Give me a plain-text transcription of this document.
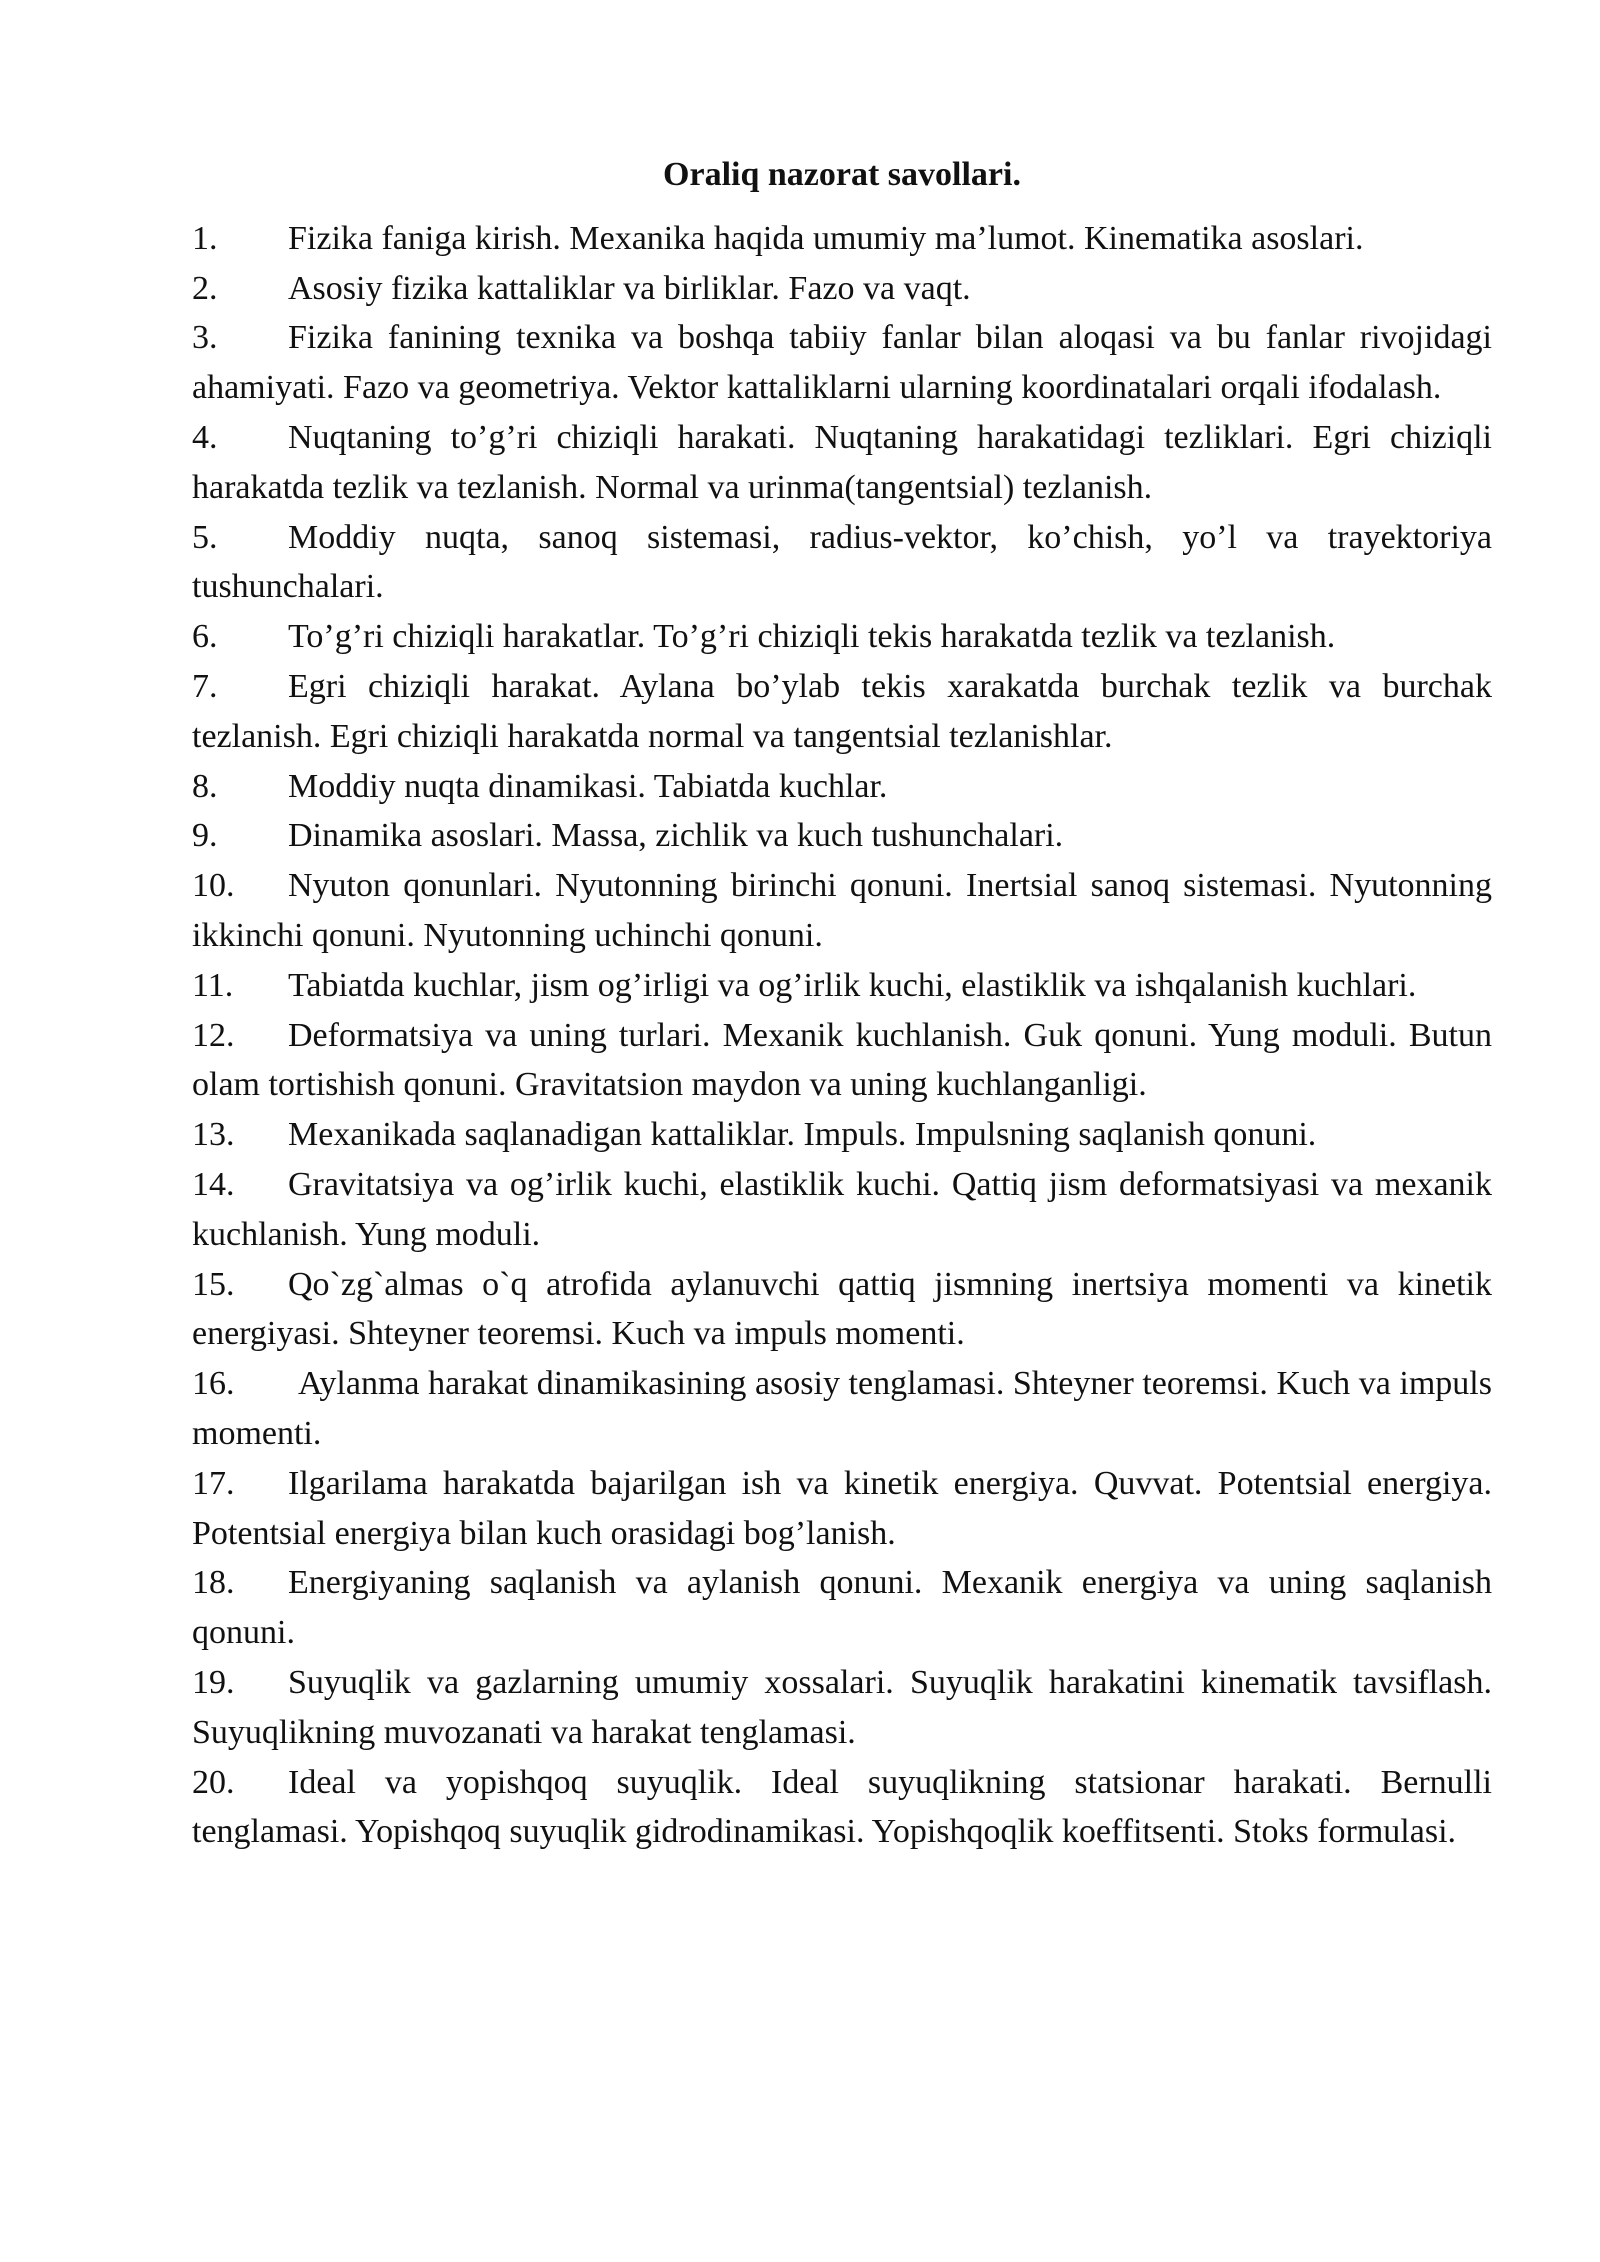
Oraliq nazorat savollari.
1. Fizika faniga kirish. Mexanika haqida umumiy ma’lumot. Kinematika asoslari.
2. Asosiy fizika kattaliklar va birliklar. Fazo va vaqt.
3. Fizika fanining texnika va boshqa tabiiy fanlar bilan aloqasi va bu fanlar rivojidagi ahamiyati. Fazo va geometriya. Vektor kattaliklarni ularning koordinatalari orqali ifodalash.
4. Nuqtaning to’g’ri chiziqli harakati. Nuqtaning harakatidagi tezliklari. Egri chiziqli harakatda tezlik va tezlanish. Normal va urinma(tangentsial) tezlanish.
5. Moddiy nuqta, sanoq sistemasi, radius-vektor, ko’chish, yo’l va trayektoriya tushunchalari.
6. To’g’ri chiziqli harakatlar. To’g’ri chiziqli tekis harakatda tezlik va tezlanish.
7. Egri chiziqli harakat. Aylana bo’ylab tekis xarakatda burchak tezlik va burchak tezlanish. Egri chiziqli harakatda normal va tangentsial tezlanishlar.
8. Moddiy nuqta dinamikasi. Tabiatda kuchlar.
9. Dinamika asoslari. Massa, zichlik va kuch tushunchalari.
10. Nyuton qonunlari. Nyutonning birinchi qonuni. Inertsial sanoq sistemasi. Nyutonning ikkinchi qonuni. Nyutonning uchinchi qonuni.
11. Tabiatda kuchlar, jism og’irligi va og’irlik kuchi, elastiklik va ishqalanish kuchlari.
12. Deformatsiya va uning turlari. Mexanik kuchlanish. Guk qonuni. Yung moduli. Butun olam tortishish qonuni. Gravitatsion maydon va uning kuchlanganligi.
13. Mexanikada saqlanadigan kattaliklar. Impuls. Impulsning saqlanish qonuni.
14. Gravitatsiya va og’irlik kuchi, elastiklik kuchi. Qattiq jism deformatsiyasi va mexanik kuchlanish. Yung moduli.
15. Qo`zg`almas o`q atrofida aylanuvchi qattiq jismning inertsiya momenti va kinetik energiyasi. Shteyner teoremsi. Kuch va impuls momenti.
16. Aylanma harakat dinamikasining asosiy tenglamasi. Shteyner teoremsi. Kuch va impuls momenti.
17. Ilgarilama harakatda bajarilgan ish va kinetik energiya. Quvvat. Potentsial energiya. Potentsial energiya bilan kuch orasidagi bog’lanish.
18. Energiyaning saqlanish va aylanish qonuni. Mexanik energiya va uning saqlanish qonuni.
19. Suyuqlik va gazlarning umumiy xossalari. Suyuqlik harakatini kinematik tavsiflash. Suyuqlikning muvozanati va harakat tenglamasi.
20. Ideal va yopishqoq suyuqlik. Ideal suyuqlikning statsionar harakati. Bernulli tenglamasi. Yopishqoq suyuqlik gidrodinamikasi. Yopishqoqlik koeffitsenti. Stoks formulasi.
